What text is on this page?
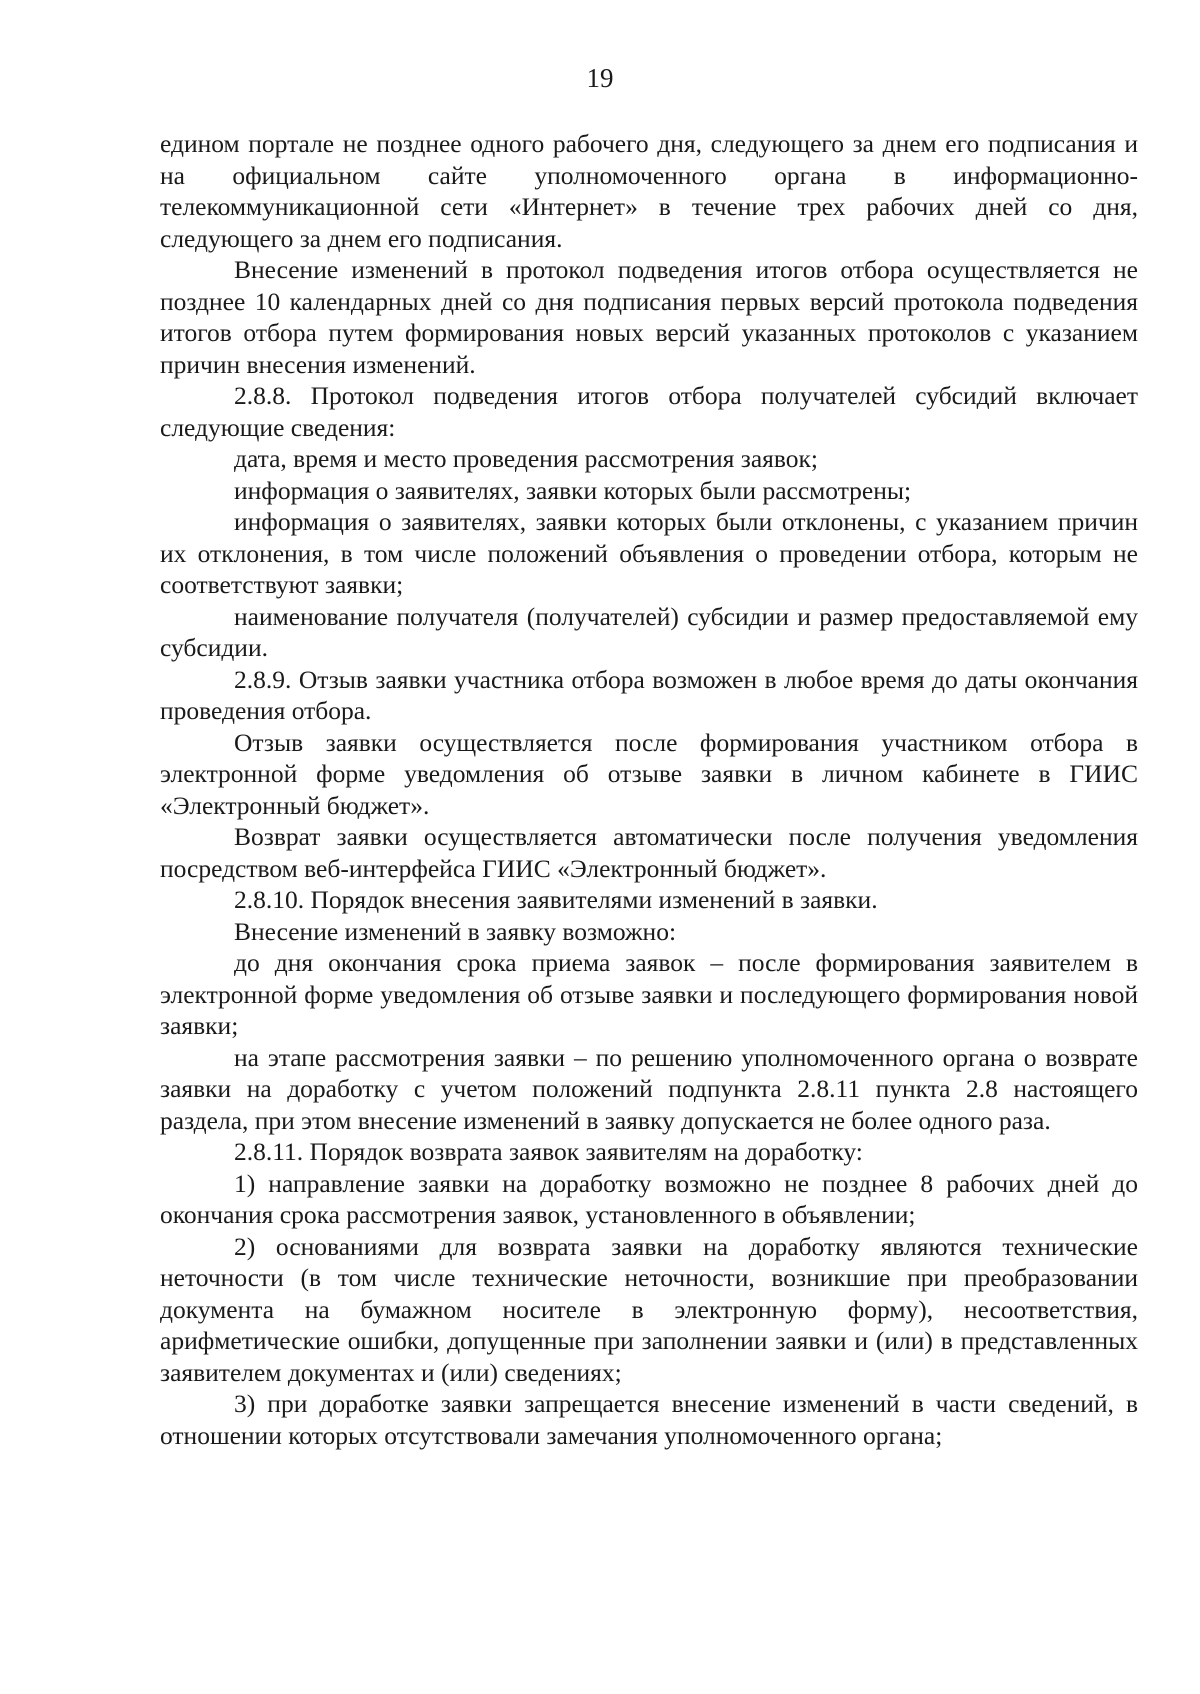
19

едином портале не позднее одного рабочего дня, следующего за днем его подписания и на официальном сайте уполномоченного органа в информационно-телекоммуникационной сети «Интернет» в течение трех рабочих дней со дня, следующего за днем его подписания.

Внесение изменений в протокол подведения итогов отбора осуществляется не позднее 10 календарных дней со дня подписания первых версий протокола подведения итогов отбора путем формирования новых версий указанных протоколов с указанием причин внесения изменений.

2.8.8. Протокол подведения итогов отбора получателей субсидий включает следующие сведения:

дата, время и место проведения рассмотрения заявок;

информация о заявителях, заявки которых были рассмотрены;

информация о заявителях, заявки которых были отклонены, с указанием причин их отклонения, в том числе положений объявления о проведении отбора, которым не соответствуют заявки;

наименование получателя (получателей) субсидии и размер предоставляемой ему субсидии.

2.8.9. Отзыв заявки участника отбора возможен в любое время до даты окончания проведения отбора.

Отзыв заявки осуществляется после формирования участником отбора в электронной форме уведомления об отзыве заявки в личном кабинете в ГИИС «Электронный бюджет».

Возврат заявки осуществляется автоматически после получения уведомления посредством веб-интерфейса ГИИС «Электронный бюджет».

2.8.10. Порядок внесения заявителями изменений в заявки.

Внесение изменений в заявку возможно:

до дня окончания срока приема заявок – после формирования заявителем в электронной форме уведомления об отзыве заявки и последующего формирования новой заявки;

на этапе рассмотрения заявки – по решению уполномоченного органа о возврате заявки на доработку с учетом положений подпункта 2.8.11 пункта 2.8 настоящего раздела, при этом внесение изменений в заявку допускается не более одного раза.

2.8.11. Порядок возврата заявок заявителям на доработку:

1) направление заявки на доработку возможно не позднее 8 рабочих дней до окончания срока рассмотрения заявок, установленного в объявлении;

2) основаниями для возврата заявки на доработку являются технические неточности (в том числе технические неточности, возникшие при преобразовании документа на бумажном носителе в электронную форму), несоответствия, арифметические ошибки, допущенные при заполнении заявки и (или) в представленных заявителем документах и (или) сведениях;

3) при доработке заявки запрещается внесение изменений в части сведений, в отношении которых отсутствовали замечания уполномоченного органа;
